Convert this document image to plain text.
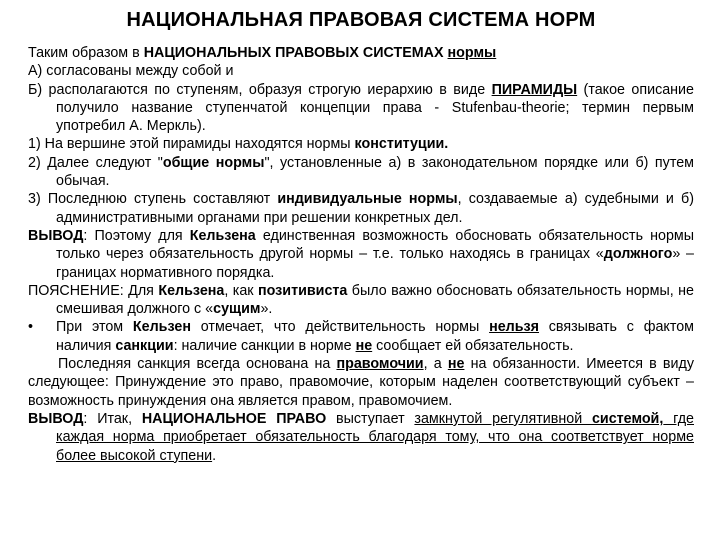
НАЦИОНАЛЬНАЯ ПРАВОВАЯ СИСТЕМА НОРМ

Таким образом в НАЦИОНАЛЬНЫХ ПРАВОВЫХ СИСТЕМАХ нормы

А) согласованы между собой и

Б) располагаются по ступеням, образуя строгую иерархию в виде ПИРАМИДЫ (такое описание получило название ступенчатой концепции права - Stufenbau-theorie; термин первым употребил А. Меркль).

1) На вершине этой пирамиды находятся нормы конституции.

2) Далее следуют "общие нормы", установленные а) в законодательном порядке или б) путем обычая.

3) Последнюю ступень составляют индивидуальные нормы, создаваемые а) судебными и б) административными органами при решении конкретных дел.

ВЫВОД: Поэтому для Кельзена единственная возможность обосновать обязательность нормы только через обязательность другой нормы – т.е. только находясь в границах «должного» – границах нормативного порядка.

ПОЯСНЕНИЕ: Для Кельзена, как позитивиста было важно обосновать обязательность нормы, не смешивая должного с «сущим».

• При этом Кельзен отмечает, что действительность нормы нельзя связывать с фактом наличия санкции: наличие санкции в норме не сообщает ей обязательность.

Последняя санкция всегда основана на правомочии, а не на обязанности. Имеется в виду следующее: Принуждение это право, правомочие, которым наделен соответствующий субъект – возможность принуждения она является правом, правомочием.

ВЫВОД: Итак, НАЦИОНАЛЬНОЕ ПРАВО выступает замкнутой регулятивной системой, где каждая норма приобретает обязательность благодаря тому, что она соответствует норме более высокой ступени.
